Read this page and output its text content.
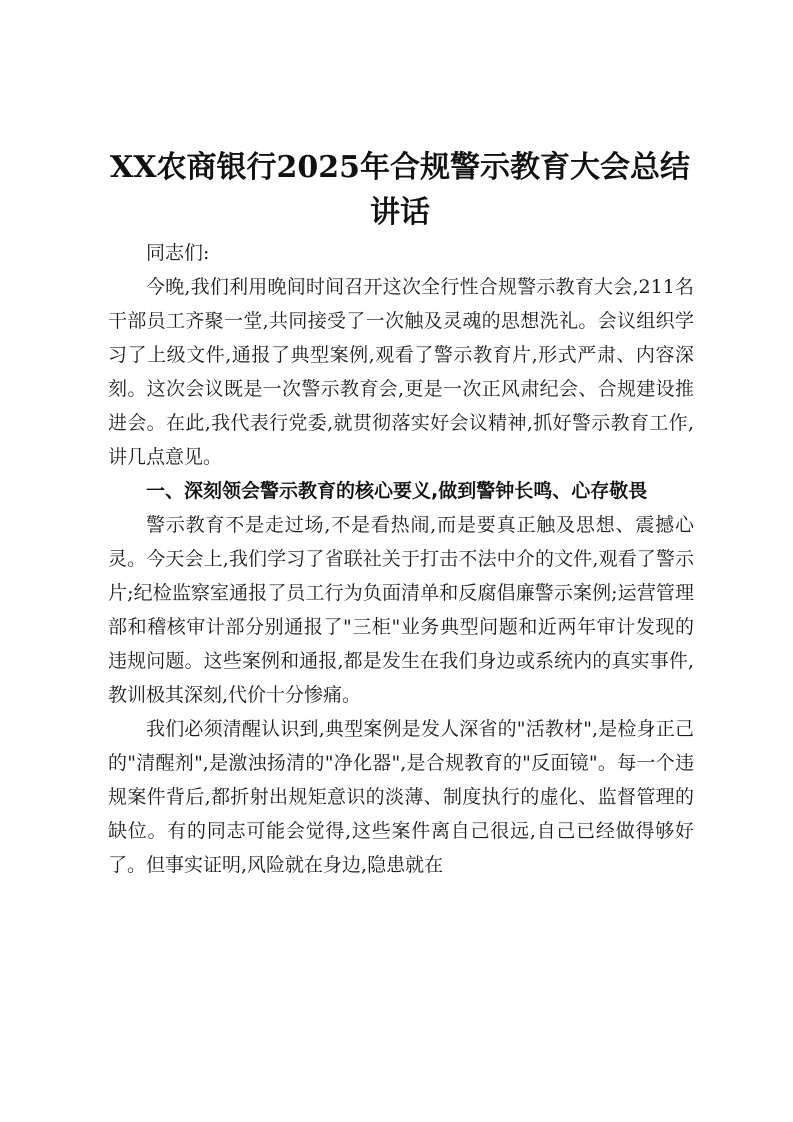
XX农商银行2025年合规警示教育大会总结讲话

同志们:

今晚,我们利用晚间时间召开这次全行性合规警示教育大会,211名干部员工齐聚一堂,共同接受了一次触及灵魂的思想洗礼。会议组织学习了上级文件,通报了典型案例,观看了警示教育片,形式严肃、内容深刻。这次会议既是一次警示教育会,更是一次正风肃纪会、合规建设推进会。在此,我代表行党委,就贯彻落实好会议精神,抓好警示教育工作,讲几点意见。

一、深刻领会警示教育的核心要义,做到警钟长鸣、心存敬畏

警示教育不是走过场,不是看热闹,而是要真正触及思想、震撼心灵。今天会上,我们学习了省联社关于打击不法中介的文件,观看了警示片;纪检监察室通报了员工行为负面清单和反腐倡廉警示案例;运营管理部和稽核审计部分别通报了"三柜"业务典型问题和近两年审计发现的违规问题。这些案例和通报,都是发生在我们身边或系统内的真实事件,教训极其深刻,代价十分惨痛。

我们必须清醒认识到,典型案例是发人深省的"活教材",是检身正己的"清醒剂",是激浊扬清的"净化器",是合规教育的"反面镜"。每一个违规案件背后,都折射出规矩意识的淡薄、制度执行的虚化、监督管理的缺位。有的同志可能会觉得,这些案件离自己很远,自己已经做得够好了。但事实证明,风险就在身边,隐患就在
